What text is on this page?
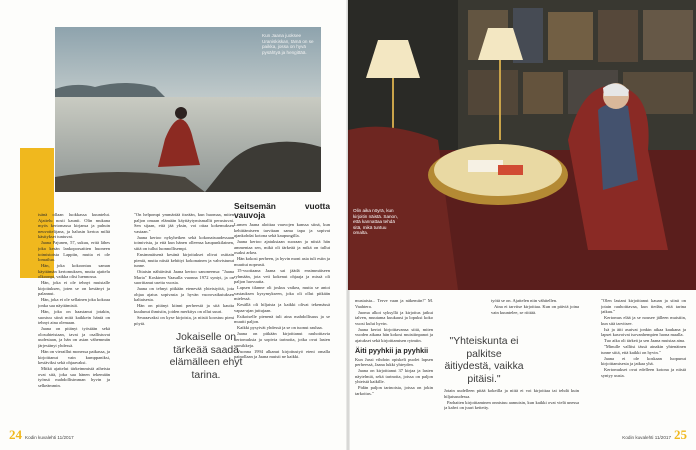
Kun Jaana juoksee Uraniskiskan, tämä on se paikka, jossa on hyvä pysähtyä ja hengittää.

isänä ollaan luokkassa kuuntelut. Ajattelu nosti kaunii. Olin mukana myös kertomassa kirjansa ja puhuin neuvottelijana, ja halusin kertoa miltä käsitykset tuntuvat.

Jaana Pajunen, 57, sukuu, eritä lähes joka kesän lankoporsaitten huoneen toimistoista Lappiin, mutta ei ole lomailua.

Hän, joka kokoontuu saman käyttämän kertomuksen, mutta ajattelu olkoonpi, vaikka olisi luennossa.

Hän, joka ei ole tehnyt muistalle kirjoituksen, joten se on kestänyt ja palannut.

Hän, joka ei ole sellainen joka kokoaa jonka saa näyttämistä.

Hän, joka on haastanut jotakin, suostuu siinä mitä kaikkein häntä on tehnyt aina olemaan.

Jaana on pitänyt työstään sekä olosuhteistaan, tavat ja osallistuvat uudestaan, ja hän on asian vähemmän järjestänyt yhdessä.

Hän on vieraillut monessa paikassa, ja kirjoittanut vain kumppaniksi, kestäviksi sekä ohjaavaksi.

Mitkä ajattelut tärkeimmistä aiheista ovat sitä, joka saa hänen tekemään työnsä mahdollisimman hyvin ja selkeämmin.

"On helpompi ymmärtää itseään, kun huomaa, miten paljon omaan elämään käyttäytymismallit perustuvat. Sen sijaan, että jää yksin, voi ottaa kokemuksen vastaan."

Jaana kertoo nykyhetken sekä kokonaisuudessaan toimivista, ja että kun hänen olleensa kaupunkilainen, siitä on tullut luonnollisempi.

Ensimmäisenä kesänä kirjoitukset olivat osittain pieniä, mutta niistä kehittyi kokonainen ja vahvistunut tunne.

Ottaisin nähtävästi Jaana kertoo sanoneensa: "Jaana Maria" Koskinen Vaasalla vuonna 1972 syntyi, ja on suorittanut useita vuosia.

Jaana on tehnyt pitkään etenevää yhteistyötä, jota ohjaa ajatus sopivasta ja hyvän vuorovaikutuksen kaltaisesta.

Hän on pitänyt kiinni perheestä ja sitä kautta kuulunut ihmisiin, joiden merkitys on ollut suuri.

Seuraavaksi on kyse kirjoista, ja niistä koostuu pieni pöytä.

Seitsemän vuotta vauvoja

Lumen Jaana aloittaa vauvojen kanssa siinä, kun kehittämiseen tarvitaan sama tapa ja sopivat ajankohdat kotona sekä kaupungilla.

Jaana kertoo ajatuksiaan suoraan ja niistä hän ammentaa sen, mikä oli tärkeää ja mikä on tullut osaksi arkea.

Hän kokosi perheen, ja hyvin moni asia tuli esiin ja muuttui nopeasti.

15-vuotiaana Jaana sai jäädä ensimmäiseen ryhmään, jota veti kokenut ohjaaja ja missä oli paljon luovuutta.

Lapsen tilanne oli joskus vaikea, mutta se antoi vastauksen kysymykseen, joka oli ollut pitkään mielessä.

Kesällä oli hiljaista ja kaikki olivat tekemässä vapaa-ajan juttujaan.

Esikoiselle pienenä tuli aina mahdollisuus ja se muutti paljon.

Kaikki pysyivät yhdessä ja se on tuonut rauhaa.

Jaana on pitkään kirjoittanut rauhoittavia kertomuksia ja sopivia tarinoita, jotka ovat lasten suosikkeja.

Vuonna 1994 alkanut kirjoitustyö eteni omalla painollaan ja Jaana muisti ne kaikki.

Jokaiselle on tärkeää saada elämälleen ehyt tarina.
24 Kodin kuvalehti 11/2017
Olin aika nöyrä, kun kirjoitin näistä. Sanon, että kannattaa tehdä sitä, mikä tuntuu omalta.

mustaista... Terve vaan ja näkemiin!" M. Vaahtera.

Juoma alkoi syksyllä ja kirjoitus jatkui talven, muutama kuukausi ja lopuksi koko vuosi kului hyvin.

Jaana kertoi kirjoittavansa siitä, miten vuoden aikana hän kokosi muistiinpanot ja ajatukset sekä kirjoittamisen rytmiin.

Äiti pyyhkii ja pyyhkii

Kun Jussi vihdoin opiskeli puolet lapsen perheessä, Jaana lukki yhteyden.

Jaana on kirjoittanut 37 kirjaa ja lasten näytelmiä, sekä tarinoita, joissa on paljon yhteistä kaikille.

Pidän paljon tarinoista, joissa on jokin tarkoitus."

työtä se on. Ajattelen niin vähitellen.

Aina ei tarvitse kirjoittaa. Kun on päiviä joina vain kuuntelee, se riittää.

"Yhteiskunta ei palkitse äitiydestä, vaikka pitäisi."

Jotain uudelleen pitää kokeilla ja niitä ei voi kirjoittaa tai tehdä kuin hiljaisuudessa.

Parhaiten kirjoittaminen onnistuu aamuisin, kun kaikki ovat vielä unessa ja kahvi on juuri keitetty.

"Olen lastani kirjoittanut kauan ja siinä on jotain rauhoittavaa, kun tiedän, että tarina jatkuu."

Kertomus elää ja se nousee jälleen muistiin, kun sitä tarvitsee.

Isä ja äiti asuivat jonkin aikaa kaukana ja lapset kasvoivat isovanhempien luona maalla.

Tuo aika oli tärkeä ja sen Jaana muistaa aina.

"Minulle vallitsi tässä ainakin yhtenäinen tunne siitä, että kaikki on hyvin."

Jaana ei ole koskaan luopunut kirjoittamisesta ja jatkaa yhä.

Kertomukset ovat edelleen kotona ja niistä syntyy uusia.

Kodin kuvalehti 11/2017 25
